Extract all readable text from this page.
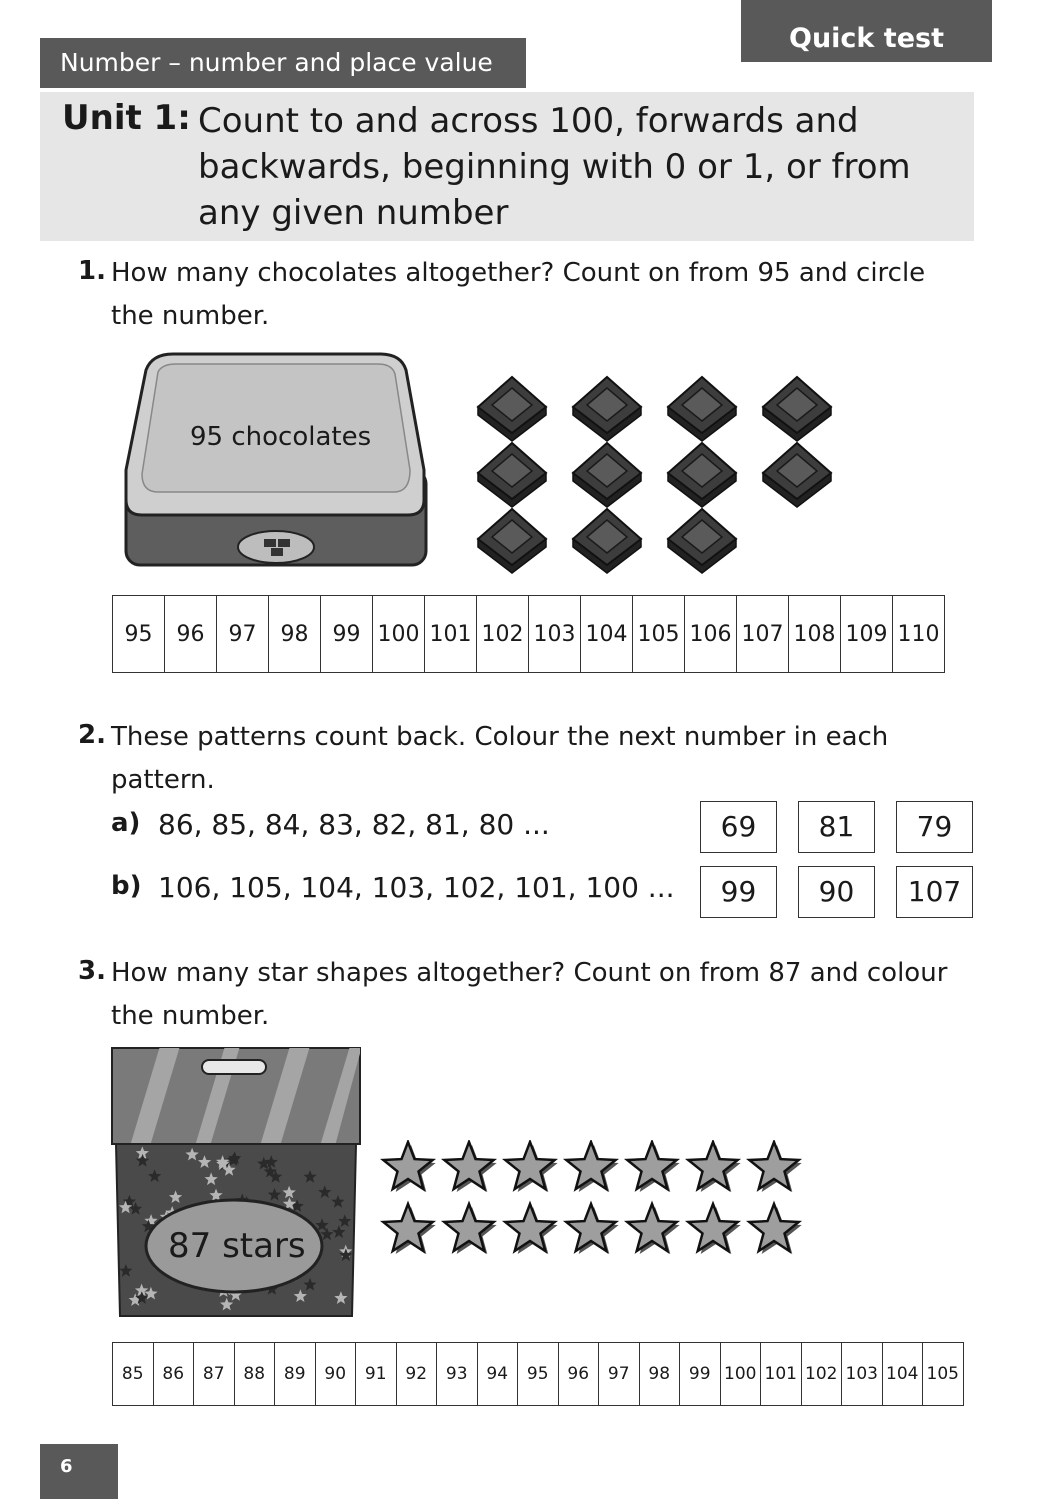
Number – number and place value
Quick test
Unit 1: Count to and across 100, forwards and backwards, beginning with 0 or 1, or from any given number
1. How many chocolates altogether? Count on from 95 and circle the number.
95 chocolates
95	96	97	98	99	100	101	102	103	104	105	106	107	108	109	110
2. These patterns count back. Colour the next number in each pattern.
a) 86, 85, 84, 83, 82, 81, 80 ...	69	81	79
b) 106, 105, 104, 103, 102, 101, 100 ...	99	90	107
3. How many star shapes altogether? Count on from 87 and colour the number.
87 stars
85	86	87	88	89	90	91	92	93	94	95	96	97	98	99	100	101	102	103	104	105
6
